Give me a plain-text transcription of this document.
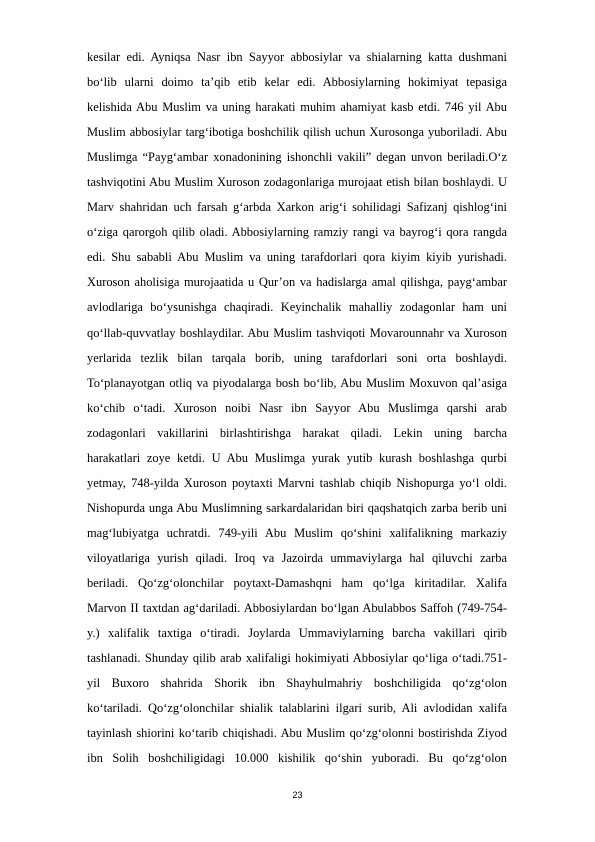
kesilar edi. Ayniqsa Nasr ibn Sayyor abbosiylar va shialarning katta dushmani
bo‘lib ularni doimo ta’qib etib kelar edi. Abbosiylarning hokimiyat tepasiga
kelishida Abu Muslim va uning harakati muhim ahamiyat kasb etdi. 746 yil Abu
Muslim abbosiylar targ‘ibotiga boshchilik qilish uchun Xurosonga yuboriladi. Abu
Muslimga “Payg‘ambar xonadonining ishonchli vakili” degan unvon beriladi.O‘z
tashviqotini Abu Muslim Xuroson zodagonlariga murojaat etish bilan boshlaydi. U
Marv shahridan uch farsah g‘arbda Xarkon arig‘i sohilidagi Safizanj qishlog‘ini
o‘ziga qarorgoh qilib oladi. Abbosiylarning ramziy rangi va bayrog‘i qora rangda
edi. Shu sababli Abu Muslim va uning tarafdorlari qora kiyim kiyib yurishadi.
Xuroson aholisiga murojaatida u Qur’on va hadislarga amal qilishga, payg‘ambar
avlodlariga bo‘ysunishga chaqiradi. Keyinchalik mahalliy zodagonlar ham uni
qo‘llab-quvvatlay boshlaydilar. Abu Muslim tashviqoti Movarounnahr va Xuroson
yerlarida tezlik bilan tarqala borib, uning tarafdorlari soni orta boshlaydi.
To‘planayotgan otliq va piyodalarga bosh bo‘lib, Abu Muslim Moxuvon qal’asiga
ko‘chib o‘tadi. Xuroson noibi Nasr ibn Sayyor Abu Muslimga qarshi arab
zodagonlari vakillarini birlashtirishga harakat qiladi. Lekin uning barcha
harakatlari zoye ketdi. U Abu Muslimga yurak yutib kurash boshlashga qurbi
yetmay, 748-yilda Xuroson poytaxti Marvni tashlab chiqib Nishopurga yo‘l oldi.
Nishopurda unga Abu Muslimning sarkardalaridan biri qaqshatqich zarba berib uni
mag‘lubiyatga uchratdi. 749-yili Abu Muslim qo‘shini xalifalikning markaziy
viloyatlariga yurish qiladi. Iroq va Jazoirda ummaviylarga hal qiluvchi zarba
beriladi. Qo‘zg‘olonchilar poytaxt-Damashqni ham qo‘lga kiritadilar. Xalifa
Marvon II taxtdan ag‘dariladi. Abbosiylardan bo‘lgan Abulabbos Saffoh (749-754-
y.) xalifalik taxtiga o‘tiradi. Joylarda Ummaviylarning barcha vakillari qirib
tashlanadi. Shunday qilib arab xalifaligi hokimiyati Abbosiylar qo‘liga o‘tadi.751-
yil Buxoro shahrida Shorik ibn Shayhulmahriy boshchiligida qo‘zg‘olon
ko‘tariladi. Qo‘zg‘olonchilar shialik talablarini ilgari surib, Ali avlodidan xalifa
tayinlash shiorini ko‘tarib chiqishadi. Abu Muslim qo‘zg‘olonni bostirishda Ziyod
ibn Solih boshchiligidagi 10.000 kishilik qo‘shin yuboradi. Bu qo‘zg‘olon
23
